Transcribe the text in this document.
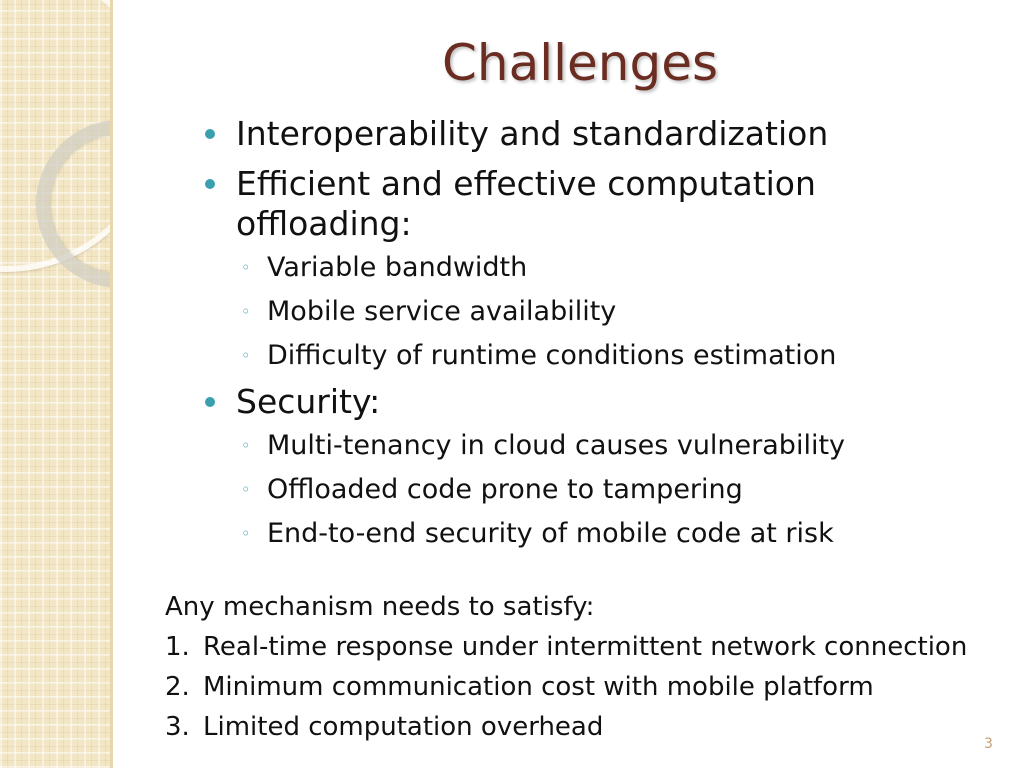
Challenges
Interoperability and standardization
Efficient and effective computation offloading:
◦ Variable bandwidth
◦ Mobile service availability
◦ Difficulty of runtime conditions estimation
Security:
◦ Multi-tenancy in cloud causes vulnerability
◦ Offloaded code prone to tampering
◦ End-to-end security of mobile code at risk
Any mechanism needs to satisfy:
1. Real-time response under intermittent network connection
2. Minimum communication cost with mobile platform
3. Limited computation overhead
3
